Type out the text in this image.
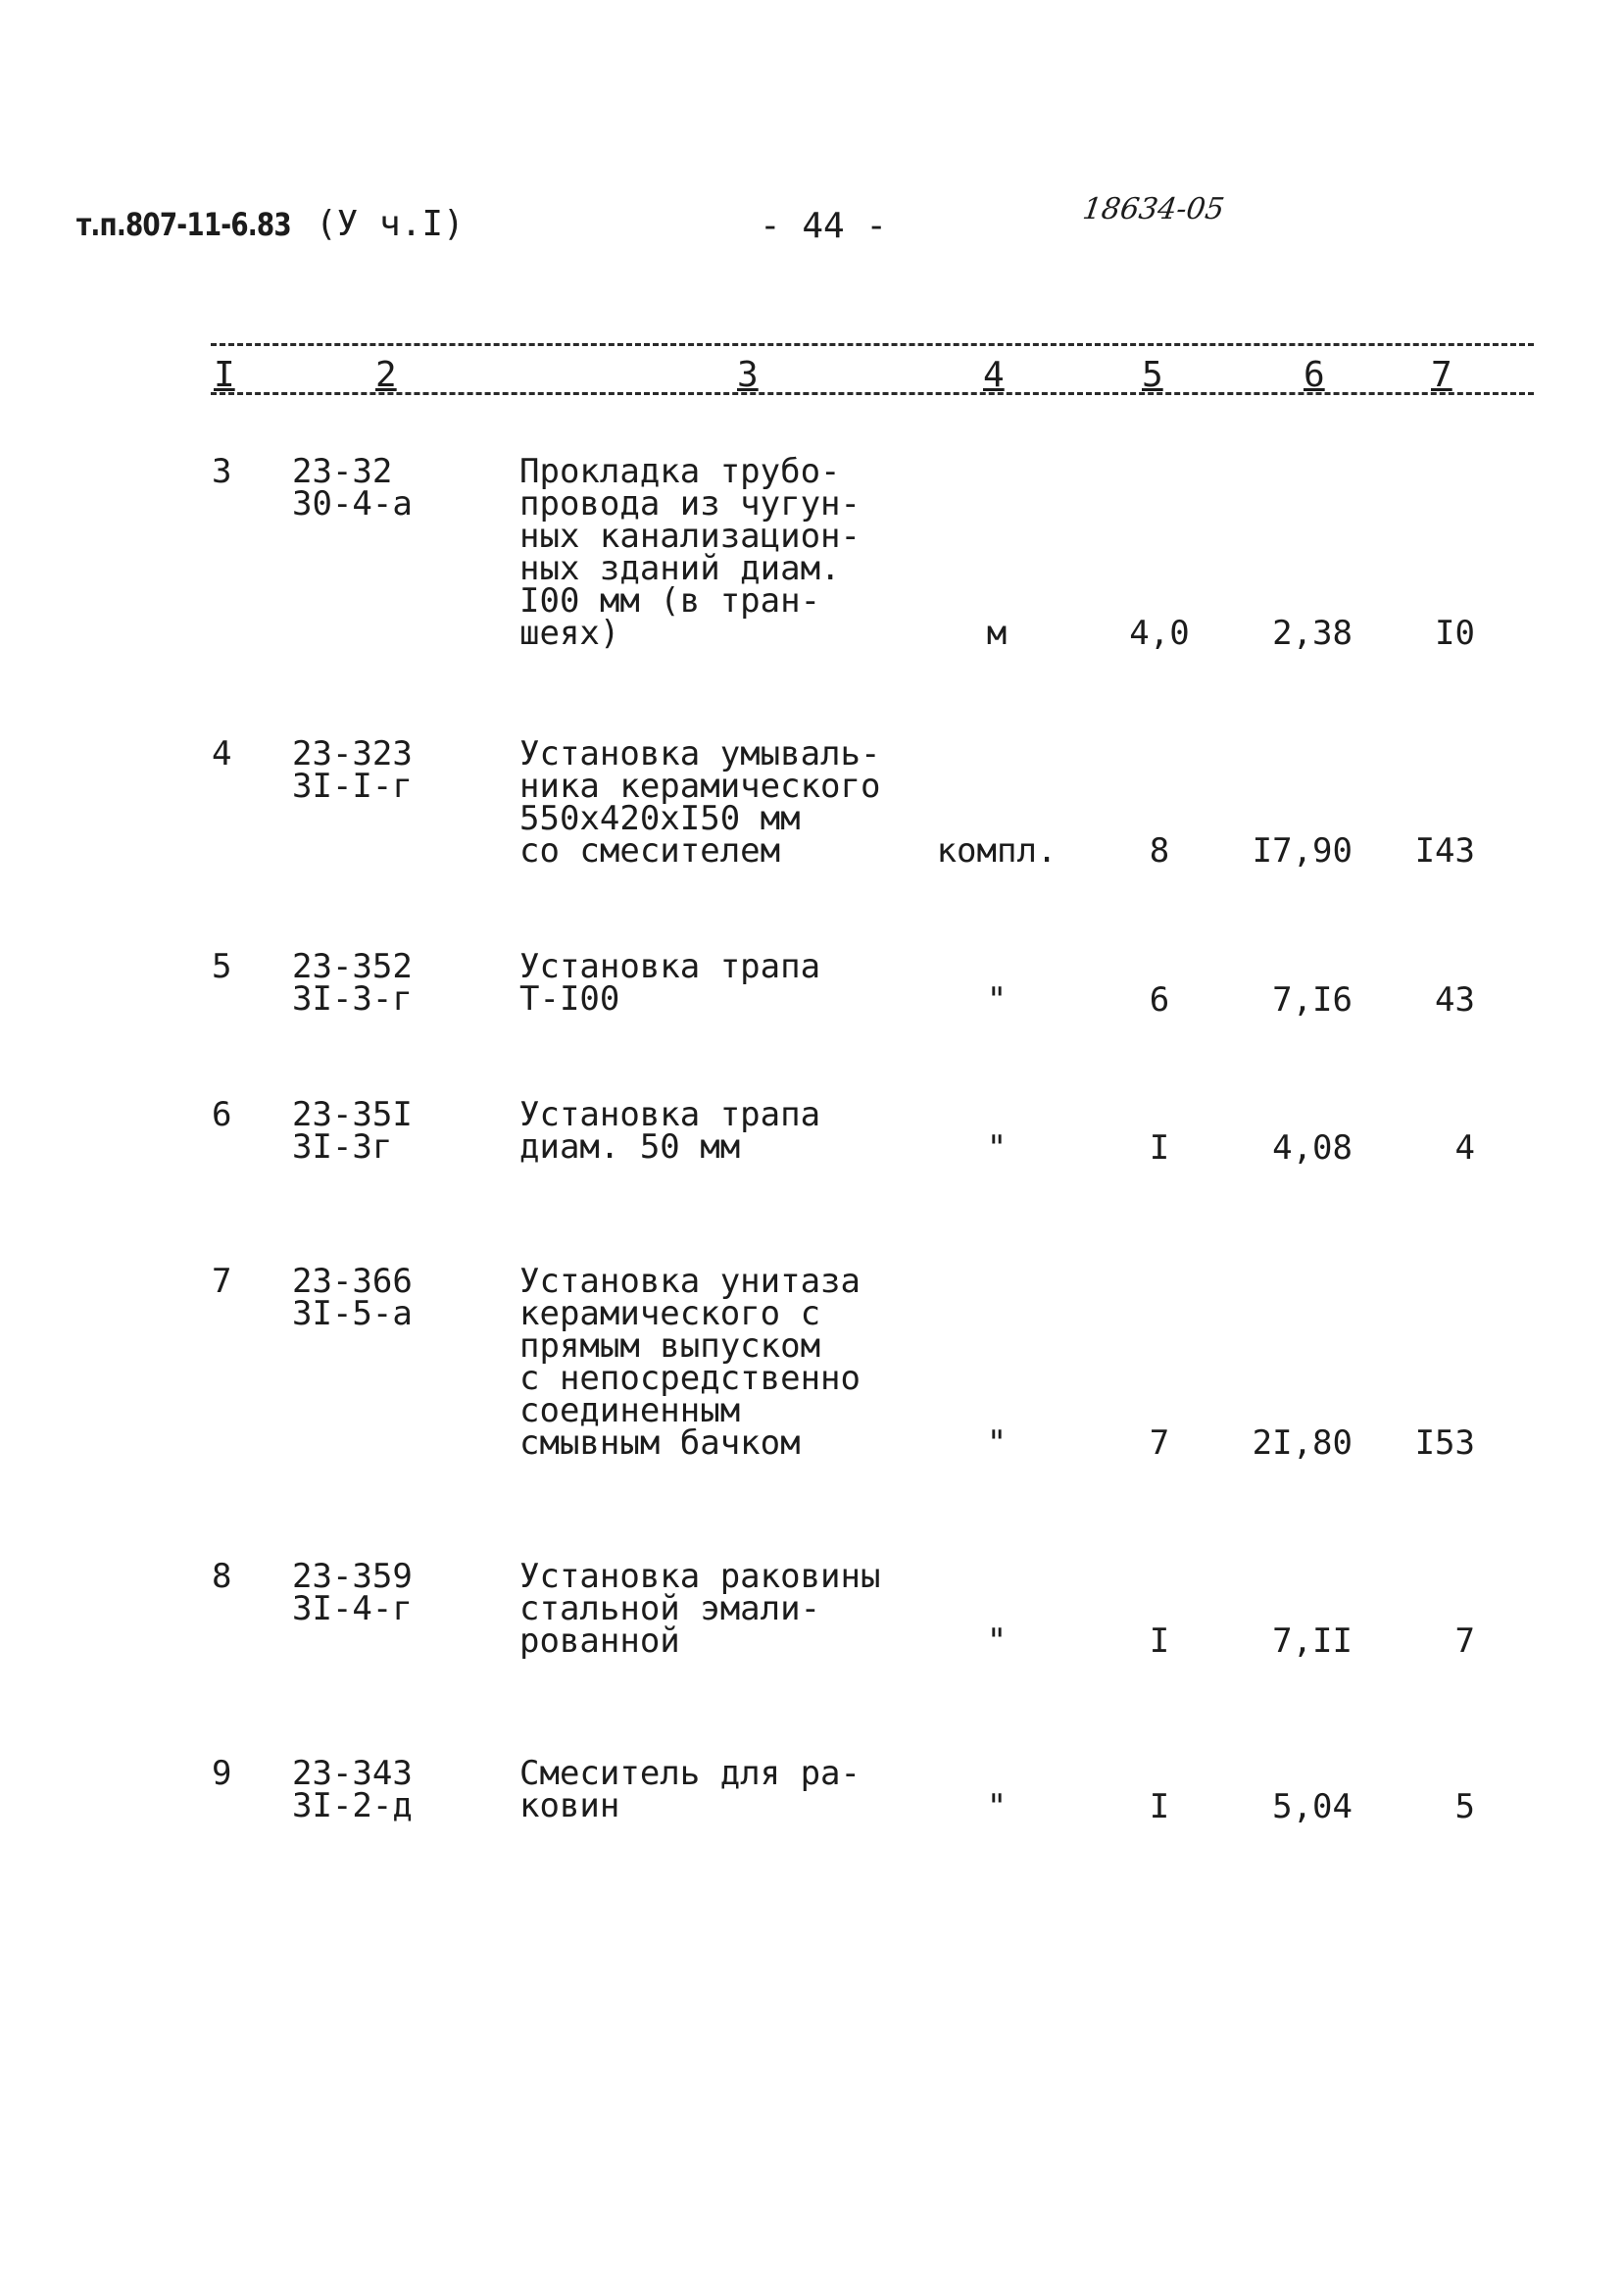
т.п.807-11-6.83 (У ч.I)	- 44 -	18634-05
I	2	3	4	5	6	7
3 23-32
30-4-а
Прокладка трубо-
провода из чугун-
ных канализацион-
ных зданий диам.
I00 мм (в тран-
шеях)	м	4,0	2,38	I0
4 23-323
3I-I-г
Установка умываль-
ника керамического
550х420хI50 мм
со смесителем	компл.	8	I7,90	I43
5 23-352
3I-3-г
Установка трапа
Т-I00	"	6	7,I6	43
6 23-35I
3I-3г
Установка трапа
диам. 50 мм	"	I	4,08	4
7 23-366
3I-5-а
Установка унитаза
керамического с
прямым выпуском
с непосредственно
соединенным
смывным бачком	"	7	2I,80	I53
8 23-359
3I-4-г
Установка раковины
стальной эмали-
рованной	"	I	7,II	7
9 23-343
3I-2-д
Смеситель для ра-
ковин	"	I	5,04	5
